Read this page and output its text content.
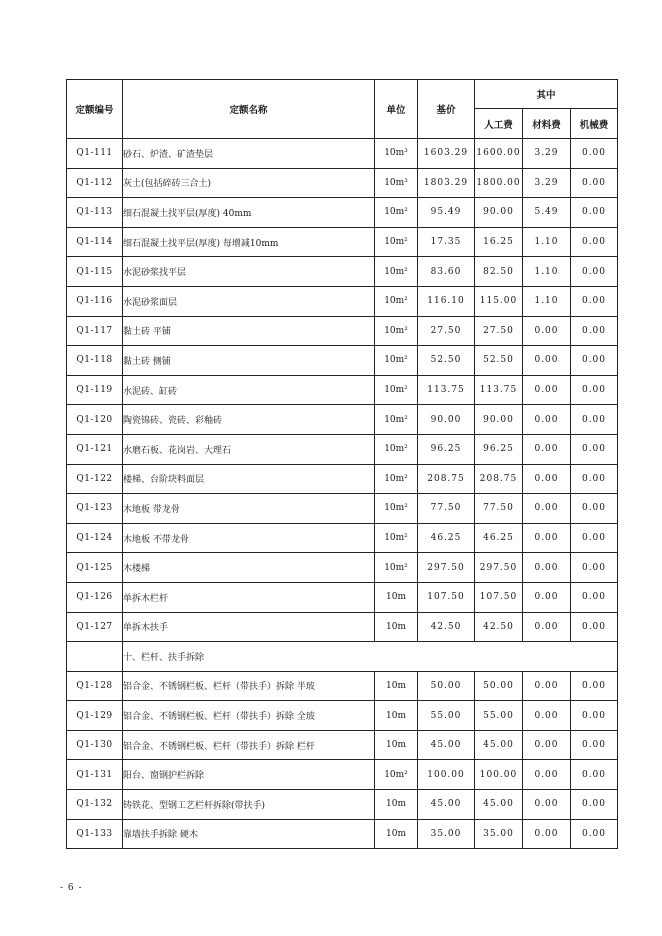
定额编号	定额名称	单位	基价	其中		
				人工费	材料费	机械费
Q1-111	砂石、炉渣、矿渣垫层	10m³	1603.29	1600.00	3.29	0.00
Q1-112	灰土(包括碎砖三合土)	10m³	1803.29	1800.00	3.29	0.00
Q1-113	细石混凝土找平层(厚度) 40mm	10m²	95.49	90.00	5.49	0.00
Q1-114	细石混凝土找平层(厚度) 每增减10mm	10m²	17.35	16.25	1.10	0.00
Q1-115	水泥砂浆找平层	10m²	83.60	82.50	1.10	0.00
Q1-116	水泥砂浆面层	10m²	116.10	115.00	1.10	0.00
Q1-117	黏土砖 平铺	10m²	27.50	27.50	0.00	0.00
Q1-118	黏土砖 侧铺	10m²	52.50	52.50	0.00	0.00
Q1-119	水泥砖、缸砖	10m²	113.75	113.75	0.00	0.00
Q1-120	陶瓷锦砖、瓷砖、彩釉砖	10m²	90.00	90.00	0.00	0.00
Q1-121	水磨石板、花岗岩、大理石	10m²	96.25	96.25	0.00	0.00
Q1-122	楼梯、台阶块料面层	10m²	208.75	208.75	0.00	0.00
Q1-123	木地板 带龙骨	10m²	77.50	77.50	0.00	0.00
Q1-124	木地板 不带龙骨	10m²	46.25	46.25	0.00	0.00
Q1-125	木楼梯	10m²	297.50	297.50	0.00	0.00
Q1-126	单拆木栏杆	10m	107.50	107.50	0.00	0.00
Q1-127	单拆木扶手	10m	42.50	42.50	0.00	0.00
	十、栏杆、扶手拆除					
Q1-128	铝合金、不锈钢栏板、栏杆（带扶手）拆除 半玻	10m	50.00	50.00	0.00	0.00
Q1-129	铝合金、不锈钢栏板、栏杆（带扶手）拆除 全玻	10m	55.00	55.00	0.00	0.00
Q1-130	铝合金、不锈钢栏板、栏杆（带扶手）拆除 栏杆	10m	45.00	45.00	0.00	0.00
Q1-131	阳台、窗钢护栏拆除	10m²	100.00	100.00	0.00	0.00
Q1-132	铸铁花、型钢工艺栏杆拆除(带扶手)	10m	45.00	45.00	0.00	0.00
Q1-133	靠墙扶手拆除 硬木	10m	35.00	35.00	0.00	0.00
- 6 -
